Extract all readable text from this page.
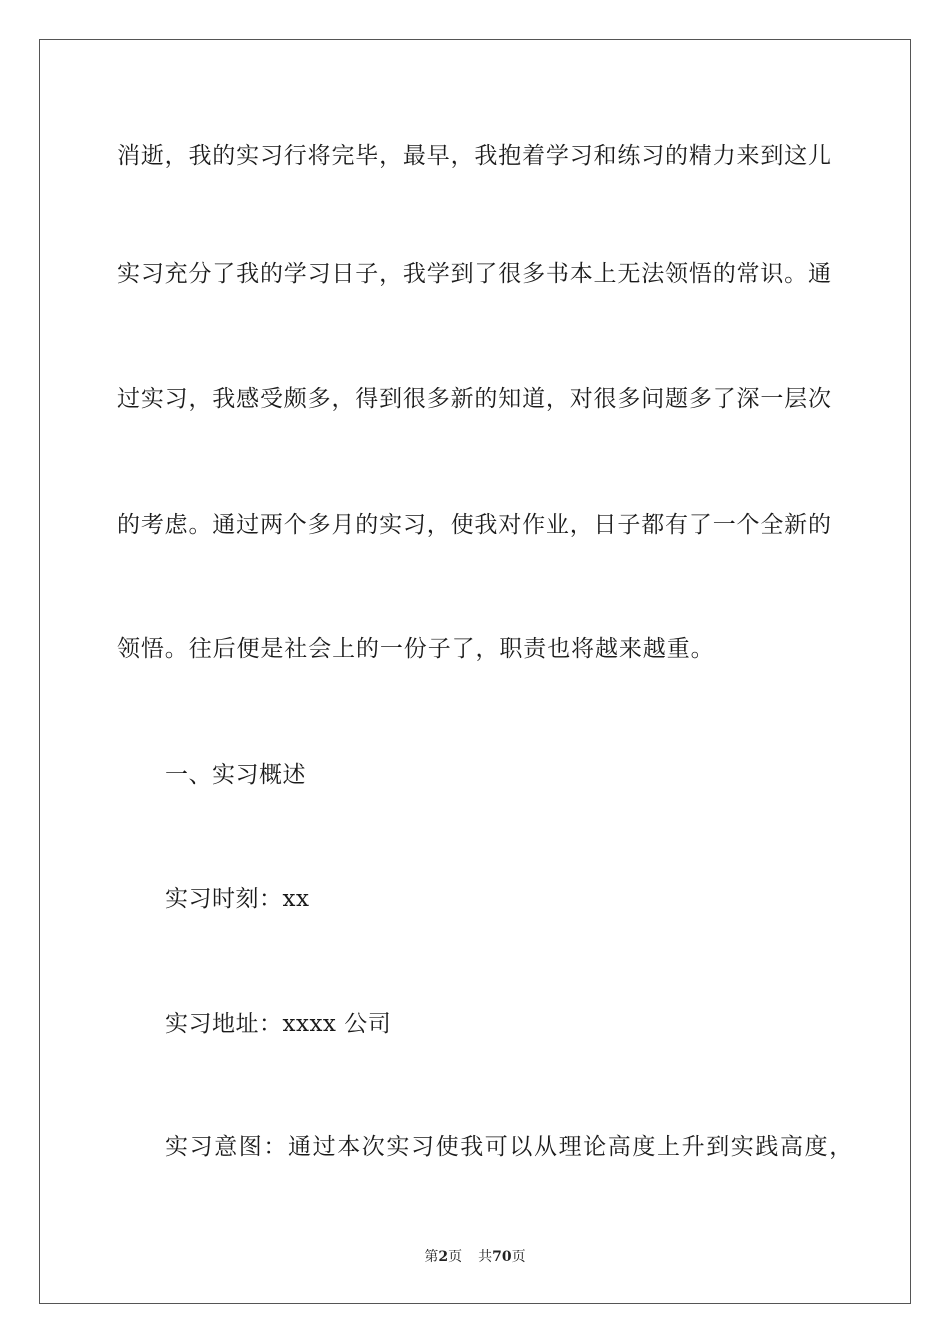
消逝，我的实习行将完毕，最早，我抱着学习和练习的精力来到这儿
实习充分了我的学习日子，我学到了很多书本上无法领悟的常识。通
过实习，我感受颇多，得到很多新的知道，对很多问题多了深一层次
的考虑。通过两个多月的实习，使我对作业，日子都有了一个全新的
领悟。往后便是社会上的一份子了，职责也将越来越重。
一、实习概述
实习时刻：xx
实习地址：xxxx 公司
实习意图：通过本次实习使我可以从理论高度上升到实践高度，
第2页 共70页
